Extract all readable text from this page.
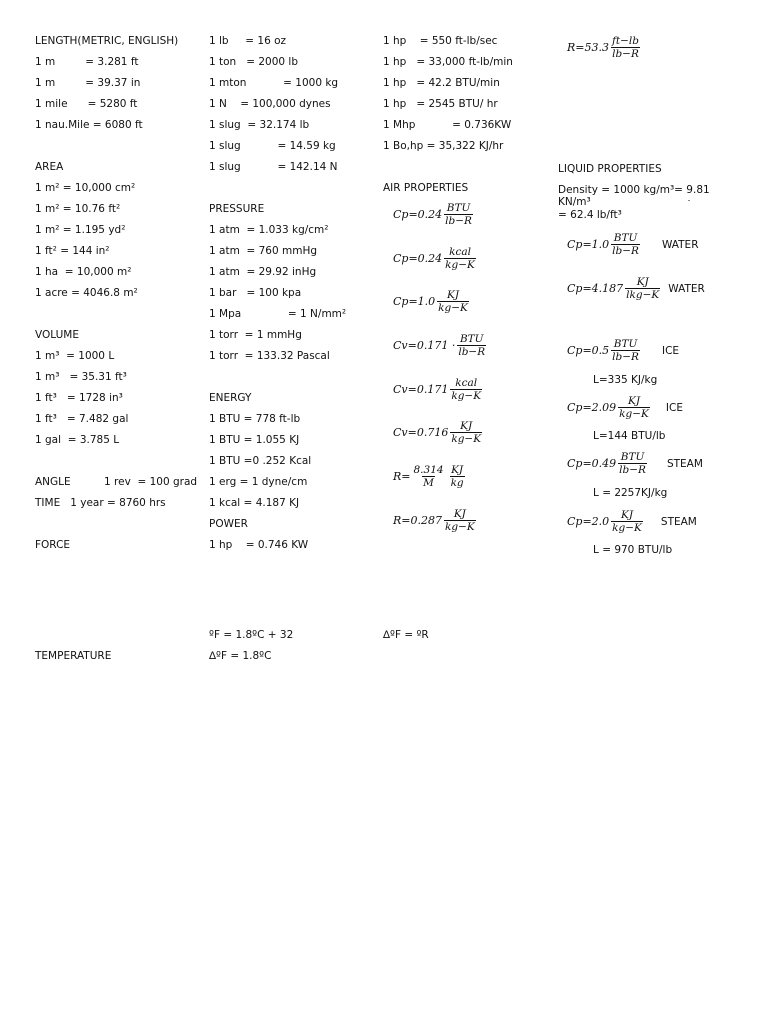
LENGTH(METRIC, ENGLISH)
1 m         = 3.281 ft
1 m         = 39.37 in
1 mile      = 5280 ft
1 nau.Mile = 6080 ft
AREA
1 m² = 10,000 cm²
1 m² = 10.76 ft²
1 m² = 1.195 yd²
1 ft² = 144 in²
1 ha  = 10,000 m²
1 acre = 4046.8 m²
VOLUME
1 m³  = 1000 L
1 m³   = 35.31 ft³
1 ft³   = 1728 in³
1 ft³   = 7.482 gal
1 gal  = 3.785 L
ANGLE          1 rev  = 100 grad
TIME   1 year = 8760 hrs
FORCE
TEMPERATURE
1 lb     = 16 oz
1 ton   = 2000 lb
1 mton           = 1000 kg
1 N    = 100,000 dynes
1 slug  = 32.174 lb
1 slug           = 14.59 kg
1 slug           = 142.14 N
PRESSURE
1 atm  = 1.033 kg/cm²
1 atm  = 760 mmHg
1 atm  = 29.92 inHg
1 bar   = 100 kpa
1 Mpa              = 1 N/mm²
1 torr  = 1 mmHg
1 torr  = 133.32 Pascal
ENERGY
1 BTU = 778 ft-lb
1 BTU = 1.055 KJ
1 BTU =0 .252 Kcal
1 erg = 1 dyne/cm
1 kcal = 4.187 KJ
POWER
1 hp    = 0.746 KW
ºF = 1.8ºC + 32
∆ºF = 1.8ºC
1 hp    = 550 ft-lb/sec
1 hp   = 33,000 ft-lb/min
1 hp   = 42.2 BTU/min
1 hp   = 2545 BTU/ hr
1 Mhp           = 0.736KW
1 Bo,hp = 35,322 KJ/hr
AIR PROPERTIES
∆ºF = ºR
Cp=0.24 BTU
lb−R
Cp=0.24 kcal
kg−K
Cp=1.0 KJ
kg−K
Cv=0.171 · BTU
lb−R
Cv=0.171 kcal
kg−K
Cv=0.716 KJ
kg−K
$R= \frac{8.314}{M}$ KJ
kg
R=0.287 KJ
kg−K
R=53.3 ft−lb
lb−R
LIQUID PROPERTIES
Density = 1000 kg/m³= 9.81
KN/m³
= 62.4 lb/ft³
Cp=1.0 BTU
lb−R
WATER
Cp=4.187 KJ
lkg−K
WATER
Cp=0.5 BTU
lb−R
ICE
L=335 KJ/kg
Cp=2.09 KJ
kg−K
ICE
L=144 BTU/lb
Cp=0.49 BTU
lb−R
STEAM
L = 2257KJ/kg
Cp=2.0 KJ
kg−K
STEAM
L = 970 BTU/lb
